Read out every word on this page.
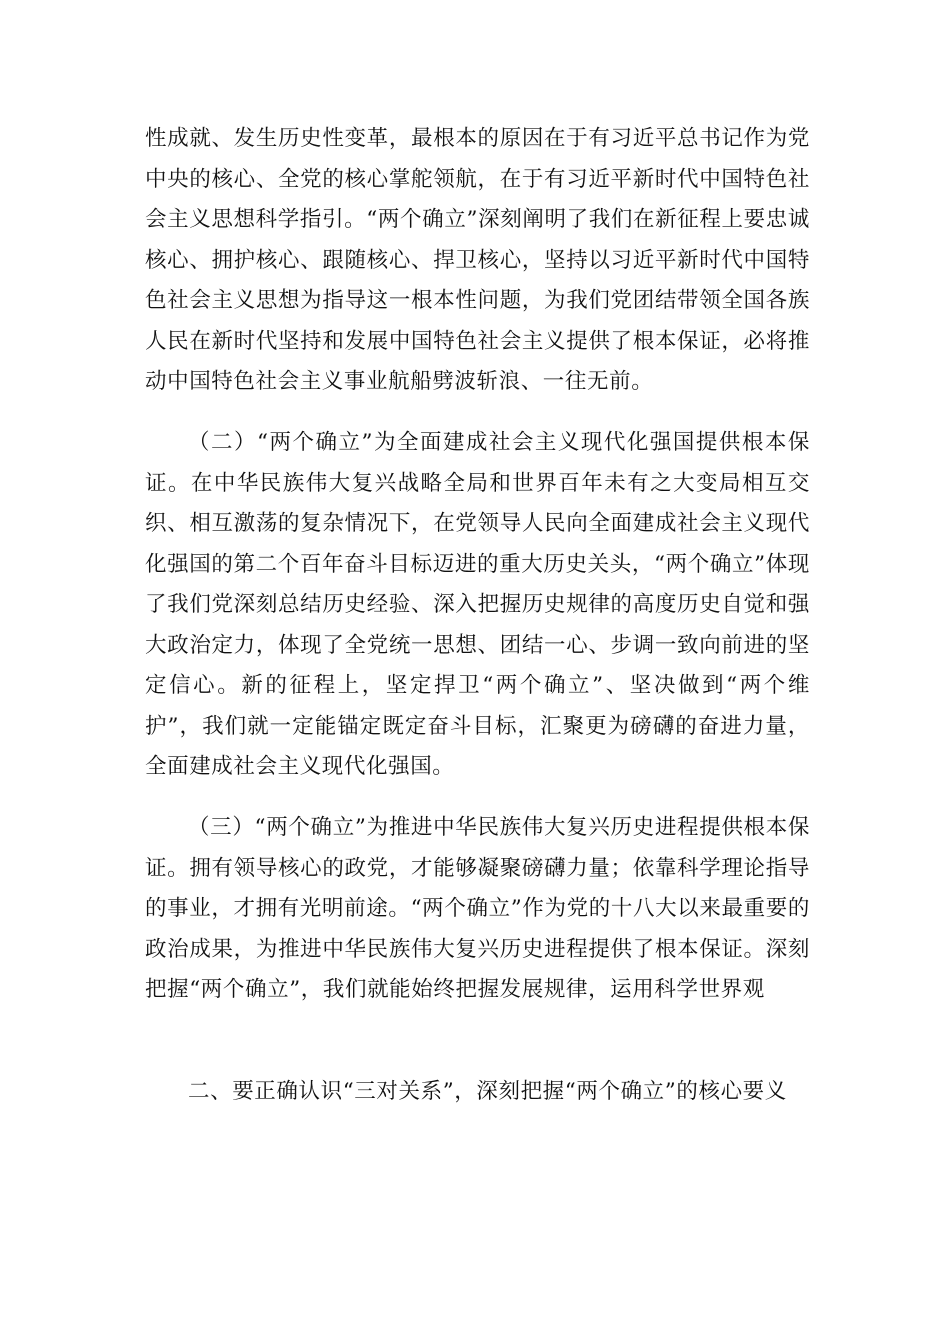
性成就、发生历史性变革，最根本的原因在于有习近平总书记作为党中央的核心、全党的核心掌舵领航，在于有习近平新时代中国特色社会主义思想科学指引。“两个确立”深刻阐明了我们在新征程上要忠诚核心、拥护核心、跟随核心、捍卫核心，坚持以习近平新时代中国特色社会主义思想为指导这一根本性问题，为我们党团结带领全国各族人民在新时代坚持和发展中国特色社会主义提供了根本保证，必将推动中国特色社会主义事业航船劈波斩浪、一往无前。

（二）“两个确立”为全面建成社会主义现代化强国提供根本保证。在中华民族伟大复兴战略全局和世界百年未有之大变局相互交织、相互激荡的复杂情况下，在党领导人民向全面建成社会主义现代化强国的第二个百年奋斗目标迈进的重大历史关头，“两个确立”体现了我们党深刻总结历史经验、深入把握历史规律的高度历史自觉和强大政治定力，体现了全党统一思想、团结一心、步调一致向前进的坚定信心。新的征程上，坚定捍卫“两个确立”、坚决做到“两个维护”，我们就一定能锚定既定奋斗目标，汇聚更为磅礴的奋进力量，全面建成社会主义现代化强国。

（三）“两个确立”为推进中华民族伟大复兴历史进程提供根本保证。拥有领导核心的政党，才能够凝聚磅礴力量；依靠科学理论指导的事业，才拥有光明前途。“两个确立”作为党的十八大以来最重要的政治成果，为推进中华民族伟大复兴历史进程提供了根本保证。深刻把握“两个确立”，我们就能始终把握发展规律，运用科学世界观

二、要正确认识“三对关系”，深刻把握“两个确立”的核心要义
